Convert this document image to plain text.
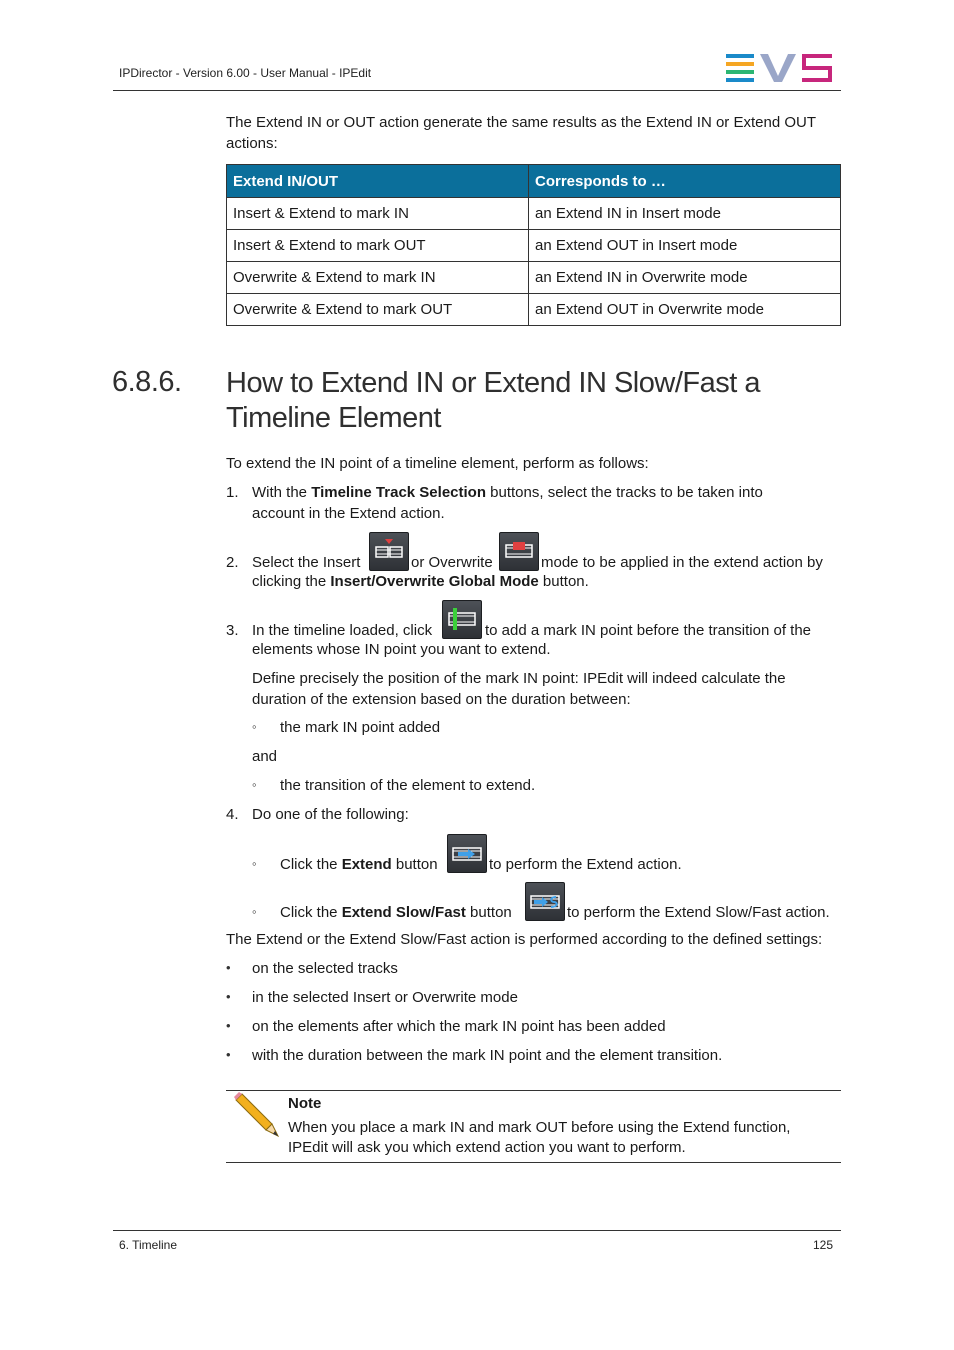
IPDirector - Version 6.00 - User Manual - IPEdit
The Extend IN or OUT action generate the same results as the Extend IN or Extend OUT actions:
Extend IN/OUT	Corresponds to …
Insert & Extend to mark IN	an Extend IN in Insert mode
Insert & Extend to mark OUT	an Extend OUT in Insert mode
Overwrite & Extend to mark IN	an Extend IN in Overwrite mode
Overwrite & Extend to mark OUT	an Extend OUT in Overwrite mode
6.8.6. How to Extend IN or Extend IN Slow/Fast a Timeline Element
To extend the IN point of a timeline element, perform as follows:
1. With the Timeline Track Selection buttons, select the tracks to be taken into
account in the Extend action.
2. Select the Insert	or Overwrite	mode to be applied in the extend action by
clicking the Insert/Overwrite Global Mode button.
3. In the timeline loaded, click	to add a mark IN point before the transition of the
elements whose IN point you want to extend.
Define precisely the position of the mark IN point: IPEdit will indeed calculate the
duration of the extension based on the duration between:
◦ the mark IN point added
and
◦ the transition of the element to extend.
4. Do one of the following:
◦ Click the Extend button	to perform the Extend action.
◦ Click the Extend Slow/Fast button	to perform the Extend Slow/Fast action.
The Extend or the Extend Slow/Fast action is performed according to the defined settings:
• on the selected tracks
• in the selected Insert or Overwrite mode
• on the elements after which the mark IN point has been added
• with the duration between the mark IN point and the element transition.
Note
When you place a mark IN and mark OUT before using the Extend function,
IPEdit will ask you which extend action you want to perform.
6. Timeline	125
